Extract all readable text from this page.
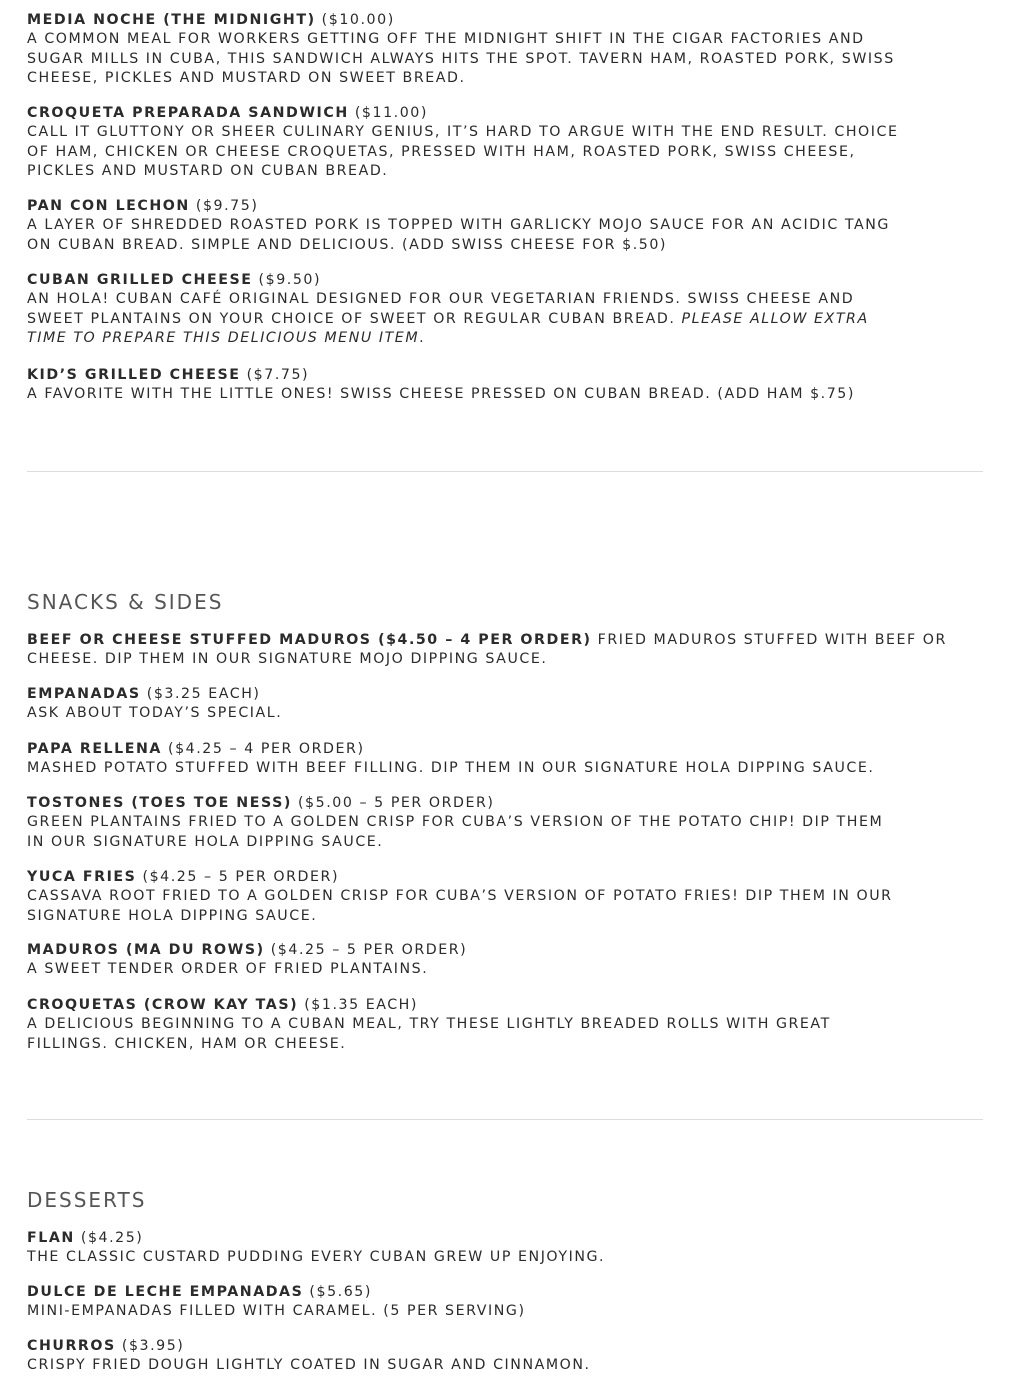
MEDIA NOCHE (THE MIDNIGHT) ($10.00)
A COMMON MEAL FOR WORKERS GETTING OFF THE MIDNIGHT SHIFT IN THE CIGAR FACTORIES AND
SUGAR MILLS IN CUBA, THIS SANDWICH ALWAYS HITS THE SPOT. TAVERN HAM, ROASTED PORK, SWISS
CHEESE, PICKLES AND MUSTARD ON SWEET BREAD.
CROQUETA PREPARADA SANDWICH ($11.00)
CALL IT GLUTTONY OR SHEER CULINARY GENIUS, IT’S HARD TO ARGUE WITH THE END RESULT. CHOICE
OF HAM, CHICKEN OR CHEESE CROQUETAS, PRESSED WITH HAM, ROASTED PORK, SWISS CHEESE,
PICKLES AND MUSTARD ON CUBAN BREAD.
PAN CON LECHON ($9.75)
A LAYER OF SHREDDED ROASTED PORK IS TOPPED WITH GARLICKY MOJO SAUCE FOR AN ACIDIC TANG
ON CUBAN BREAD. SIMPLE AND DELICIOUS. (ADD SWISS CHEESE FOR $.50)
CUBAN GRILLED CHEESE ($9.50)
AN HOLA! CUBAN CAFÉ ORIGINAL DESIGNED FOR OUR VEGETARIAN FRIENDS. SWISS CHEESE AND
SWEET PLANTAINS ON YOUR CHOICE OF SWEET OR REGULAR CUBAN BREAD. PLEASE ALLOW EXTRA
TIME TO PREPARE THIS DELICIOUS MENU ITEM.
KID’S GRILLED CHEESE ($7.75)
A FAVORITE WITH THE LITTLE ONES! SWISS CHEESE PRESSED ON CUBAN BREAD. (ADD HAM $.75)
SNACKS & SIDES
BEEF OR CHEESE STUFFED MADUROS ($4.50 – 4 PER ORDER) FRIED MADUROS STUFFED WITH BEEF OR
CHEESE. DIP THEM IN OUR SIGNATURE MOJO DIPPING SAUCE.
EMPANADAS ($3.25 EACH)
ASK ABOUT TODAY’S SPECIAL.
PAPA RELLENA ($4.25 – 4 PER ORDER)
MASHED POTATO STUFFED WITH BEEF FILLING. DIP THEM IN OUR SIGNATURE HOLA DIPPING SAUCE.
TOSTONES (TOES TOE NESS) ($5.00 – 5 PER ORDER)
GREEN PLANTAINS FRIED TO A GOLDEN CRISP FOR CUBA’S VERSION OF THE POTATO CHIP! DIP THEM
IN OUR SIGNATURE HOLA DIPPING SAUCE.
YUCA FRIES ($4.25 – 5 PER ORDER)
CASSAVA ROOT FRIED TO A GOLDEN CRISP FOR CUBA’S VERSION OF POTATO FRIES! DIP THEM IN OUR
SIGNATURE HOLA DIPPING SAUCE.
MADUROS (MA DU ROWS) ($4.25 – 5 PER ORDER)
A SWEET TENDER ORDER OF FRIED PLANTAINS.
CROQUETAS (CROW KAY TAS) ($1.35 EACH)
A DELICIOUS BEGINNING TO A CUBAN MEAL, TRY THESE LIGHTLY BREADED ROLLS WITH GREAT
FILLINGS. CHICKEN, HAM OR CHEESE.
DESSERTS
FLAN ($4.25)
THE CLASSIC CUSTARD PUDDING EVERY CUBAN GREW UP ENJOYING.
DULCE DE LECHE EMPANADAS ($5.65)
MINI-EMPANADAS FILLED WITH CARAMEL. (5 PER SERVING)
CHURROS ($3.95)
CRISPY FRIED DOUGH LIGHTLY COATED IN SUGAR AND CINNAMON.
